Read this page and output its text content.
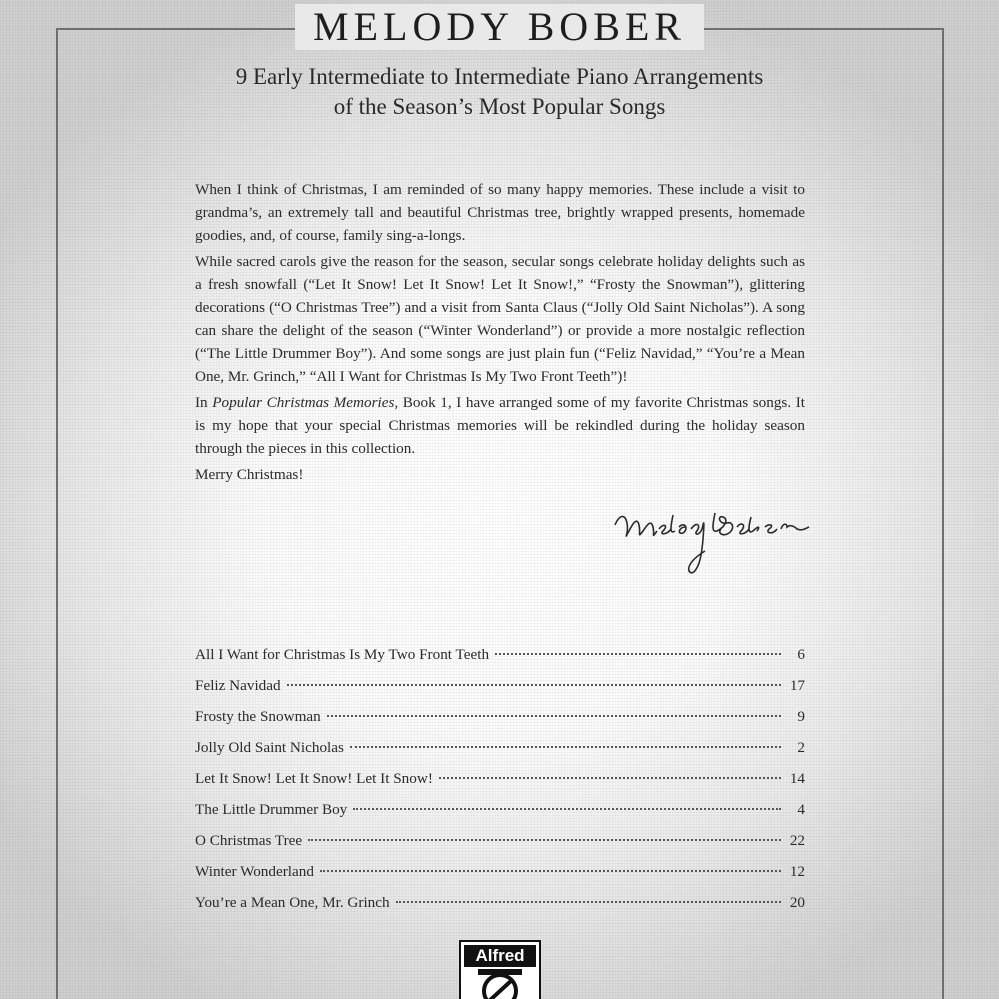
MELODY BOBER
9 Early Intermediate to Intermediate Piano Arrangements
of the Season’s Most Popular Songs

When I think of Christmas, I am reminded of so many happy memories. These include a visit to grandma’s, an extremely tall and beautiful Christmas tree, brightly wrapped presents, homemade goodies, and, of course, family sing-a-longs.

While sacred carols give the reason for the season, secular songs celebrate holiday delights such as a fresh snowfall (“Let It Snow! Let It Snow! Let It Snow!,” “Frosty the Snowman”), glittering decorations (“O Christmas Tree”) and a visit from Santa Claus (“Jolly Old Saint Nicholas”). A song can share the delight of the season (“Winter Wonderland”) or provide a more nostalgic reflection (“The Little Drummer Boy”). And some songs are just plain fun (“Feliz Navidad,” “You’re a Mean One, Mr. Grinch,” “All I Want for Christmas Is My Two Front Teeth”)!

In Popular Christmas Memories, Book 1, I have arranged some of my favorite Christmas songs. It is my hope that your special Christmas memories will be rekindled during the holiday season through the pieces in this collection.

Merry Christmas!

All I Want for Christmas Is My Two Front Teeth	6
Feliz Navidad	17
Frosty the Snowman	9
Jolly Old Saint Nicholas	2
Let It Snow! Let It Snow! Let It Snow!	14
The Little Drummer Boy	4
O Christmas Tree	22
Winter Wonderland	12
You’re a Mean One, Mr. Grinch	20
Alfred
